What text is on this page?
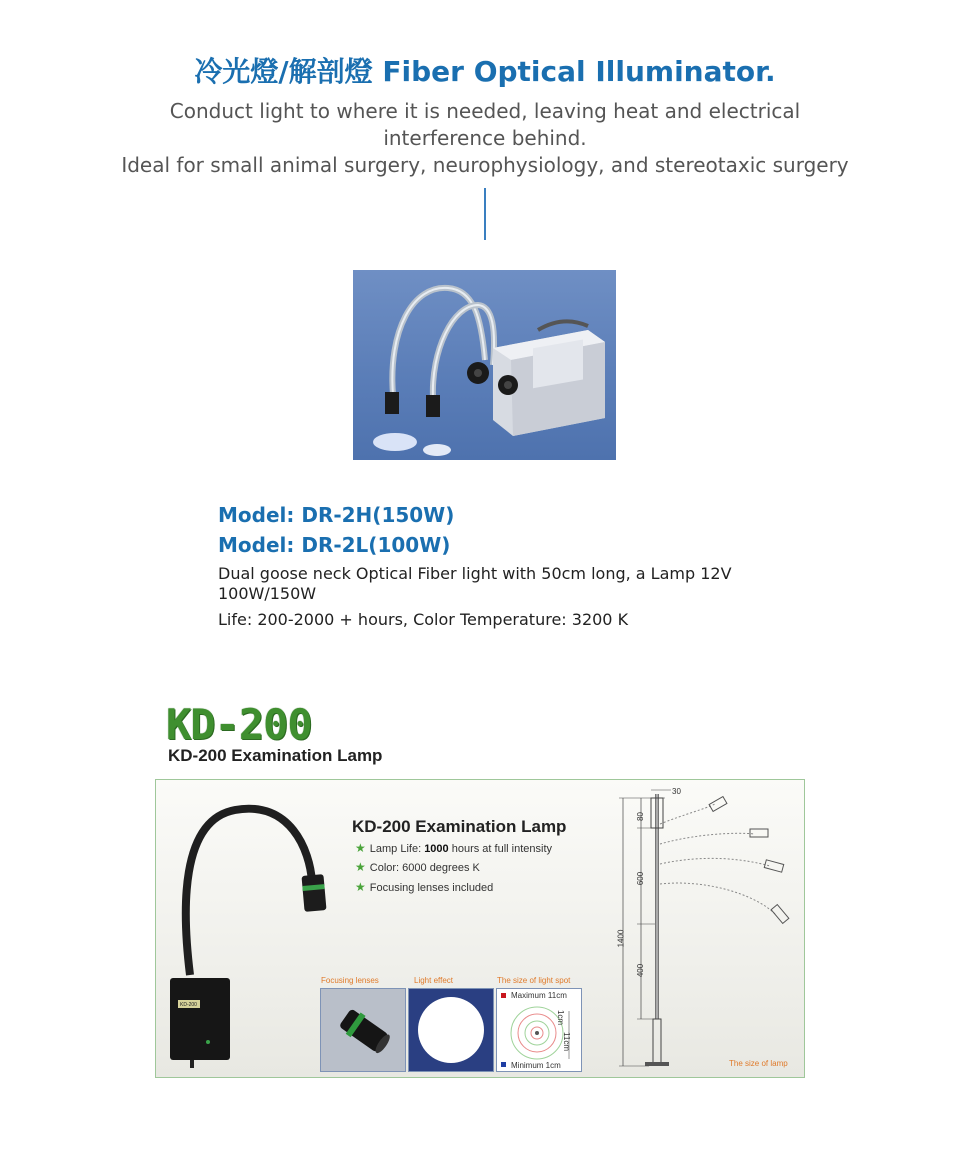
冷光燈/解剖燈 Fiber Optical Illuminator.
Conduct light to where it is needed, leaving heat and electrical
interference behind.
Ideal for small animal surgery, neurophysiology, and stereotaxic surgery
Model: DR-2H(150W)
Model: DR-2L(100W)
Dual goose neck Optical Fiber light with 50cm long, a Lamp 12V 100W/150W
Life: 200-2000 + hours, Color Temperature: 3200 K
KD-200
KD-200 Examination Lamp
KD-200
KD-200 Examination Lamp
★ Lamp Life: 1000 hours at full intensity
★ Color: 6000 degrees K
★ Focusing lenses included
Focusing lenses	Light effect	The size of light spot
Maximum 11cm
Minimum 1cm
1cm
11cm
30
80
600
400
1400
The size of lamp
